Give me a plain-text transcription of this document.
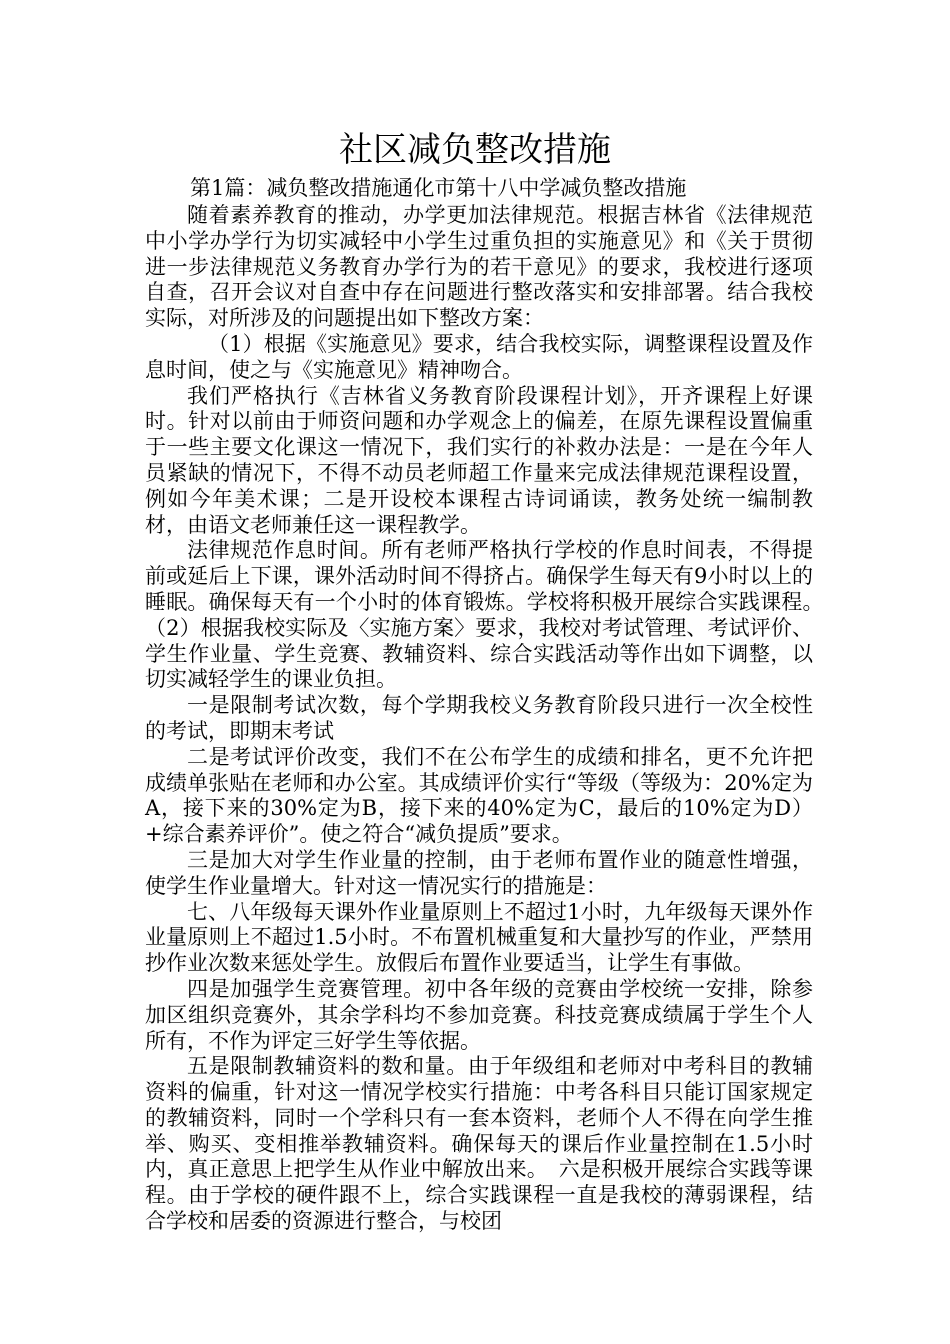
社区减负整改措施
第1篇：减负整改措施通化市第十八中学减负整改措施

随着素养教育的推动，办学更加法律规范。根据吉林省《法律规范中小学办学行为切实减轻中小学生过重负担的实施意见》和《关于贯彻进一步法律规范义务教育办学行为的若干意见》的要求，我校进行逐项自查，召开会议对自查中存在问题进行整改落实和安排部署。结合我校实际，对所涉及的问题提出如下整改方案：

（1）根据《实施意见》要求，结合我校实际，调整课程设置及作息时间，使之与《实施意见》精神吻合。

我们严格执行《吉林省义务教育阶段课程计划》，开齐课程上好课时。针对以前由于师资问题和办学观念上的偏差，在原先课程设置偏重于一些主要文化课这一情况下，我们实行的补救办法是：一是在今年人员紧缺的情况下，不得不动员老师超工作量来完成法律规范课程设置，例如今年美术课；二是开设校本课程古诗词诵读，教务处统一编制教材，由语文老师兼任这一课程教学。

法律规范作息时间。所有老师严格执行学校的作息时间表，不得提前或延后上下课，课外活动时间不得挤占。确保学生每天有9小时以上的睡眠。确保每天有一个小时的体育锻炼。学校将积极开展综合实践课程。　（2）根据我校实际及〈实施方案〉要求，我校对考试管理、考试评价、学生作业量、学生竞赛、教辅资料、综合实践活动等作出如下调整，以切实减轻学生的课业负担。

一是限制考试次数，每个学期我校义务教育阶段只进行一次全校性的考试，即期末考试

二是考试评价改变，我们不在公布学生的成绩和排名，更不允许把成绩单张贴在老师和办公室。其成绩评价实行“等级（等级为：20%定为A，接下来的30%定为B，接下来的40%定为C，最后的10%定为D）+综合素养评价”。使之符合“减负提质”要求。

三是加大对学生作业量的控制，由于老师布置作业的随意性增强，使学生作业量增大。针对这一情况实行的措施是：

七、八年级每天课外作业量原则上不超过1小时，九年级每天课外作业量原则上不超过1.5小时。不布置机械重复和大量抄写的作业，严禁用抄作业次数来惩处学生。放假后布置作业要适当，让学生有事做。

四是加强学生竞赛管理。初中各年级的竞赛由学校统一安排，除参加区组织竞赛外，其余学科均不参加竞赛。科技竞赛成绩属于学生个人所有，不作为评定三好学生等依据。

五是限制教辅资料的数和量。由于年级组和老师对中考科目的教辅资料的偏重，针对这一情况学校实行措施：中考各科目只能订国家规定的教辅资料，同时一个学科只有一套本资料，老师个人不得在向学生推举、购买、变相推举教辅资料。确保每天的课后作业量控制在1.5小时内，真正意思上把学生从作业中解放出来。　六是积极开展综合实践等课程。由于学校的硬件跟不上，综合实践课程一直是我校的薄弱课程，结合学校和居委的资源进行整合，与校团
